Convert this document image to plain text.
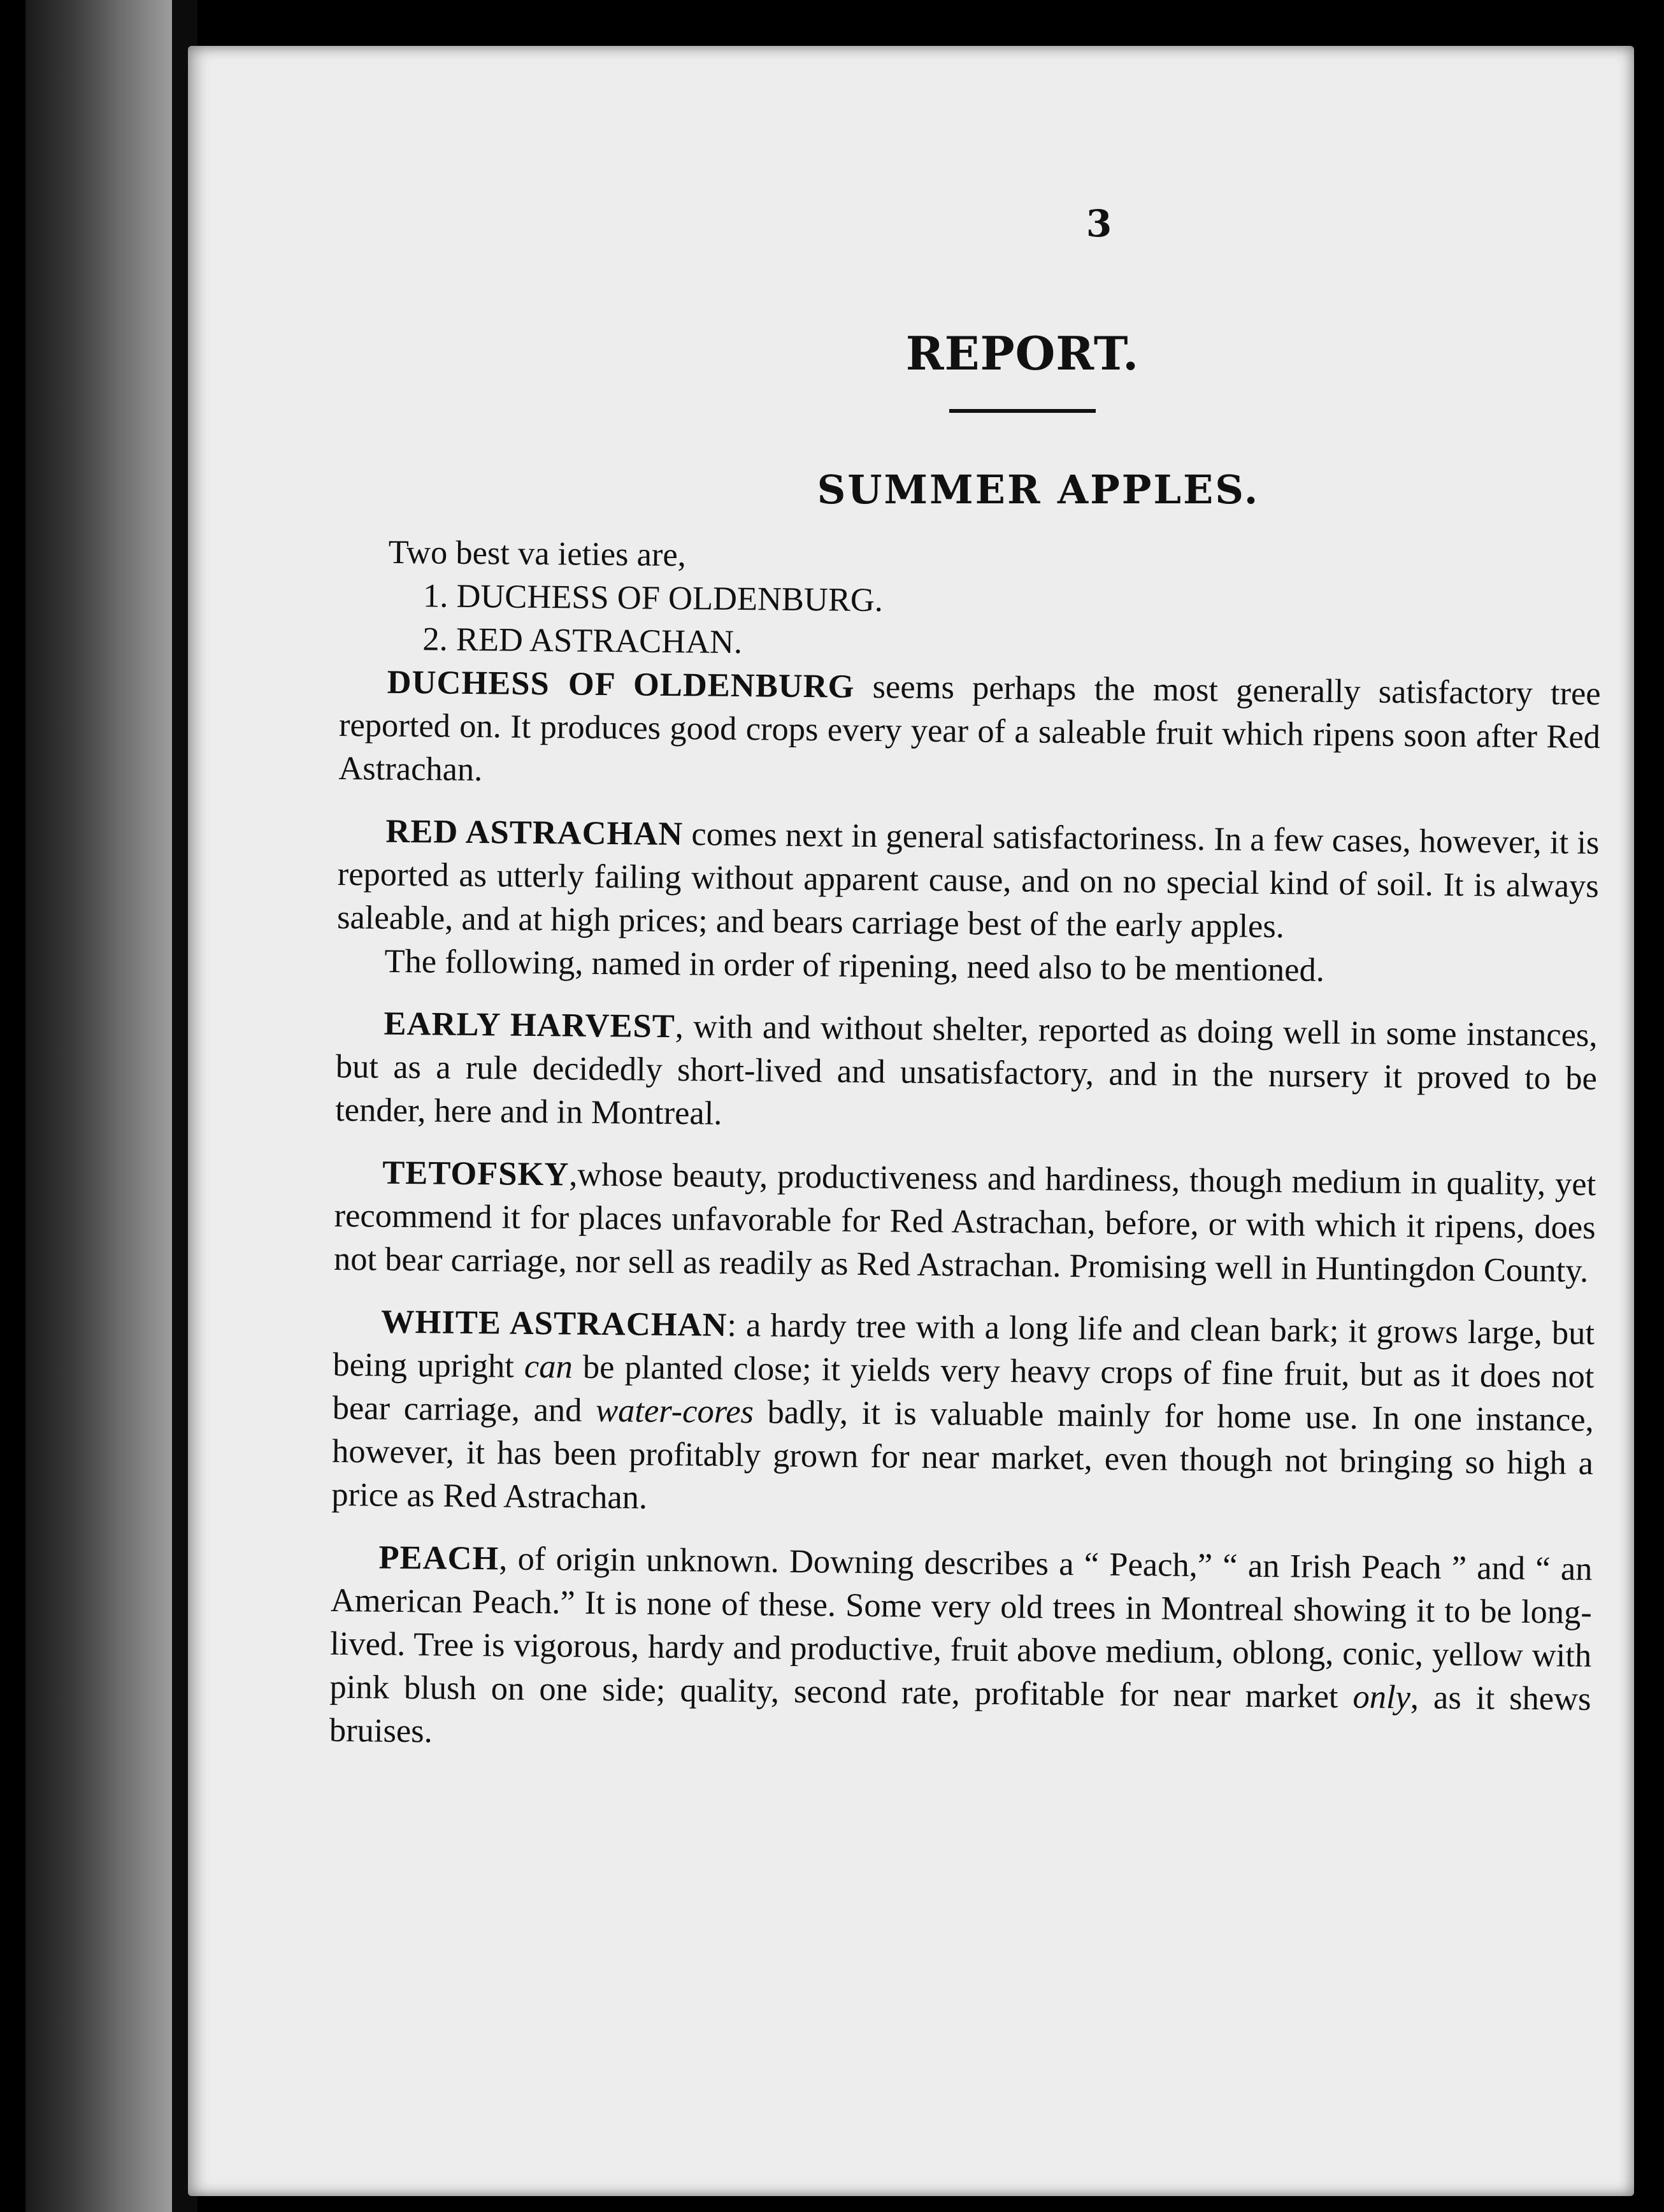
3
REPORT.
SUMMER APPLES.

Two best va ieties are,

1. DUCHESS OF OLDENBURG.
2. RED ASTRACHAN.

DUCHESS OF OLDENBURG seems perhaps the most generally satisfactory tree reported on. It produces good crops every year of a saleable fruit which ripens soon after Red Astrachan.

RED ASTRACHAN comes next in general satisfactoriness. In a few cases, however, it is reported as utterly failing without apparent cause, and on no special kind of soil. It is always saleable, and at high prices; and bears carriage best of the early apples.

The following, named in order of ripening, need also to be mentioned.

EARLY HARVEST, with and without shelter, reported as doing well in some instances, but as a rule decidedly short-lived and unsatisfactory, and in the nursery it proved to be tender, here and in Montreal.

TETOFSKY,whose beauty, productiveness and hardiness, though medium in quality, yet recommend it for places unfavorable for Red Astrachan, before, or with which it ripens, does not bear carriage, nor sell as readily as Red Astrachan. Promising well in Huntingdon County.

WHITE ASTRACHAN: a hardy tree with a long life and clean bark; it grows large, but being upright can be planted close; it yields very heavy crops of fine fruit, but as it does not bear carriage, and water-cores badly, it is valuable mainly for home use. In one instance, however, it has been profitably grown for near market, even though not bringing so high a price as Red Astrachan.

PEACH, of origin unknown. Downing describes a “ Peach,” “ an Irish Peach ” and “ an American Peach.” It is none of these. Some very old trees in Montreal showing it to be long-lived. Tree is vigorous, hardy and productive, fruit above medium, oblong, conic, yellow with pink blush on one side; quality, second rate, profitable for near market only, as it shews bruises.
